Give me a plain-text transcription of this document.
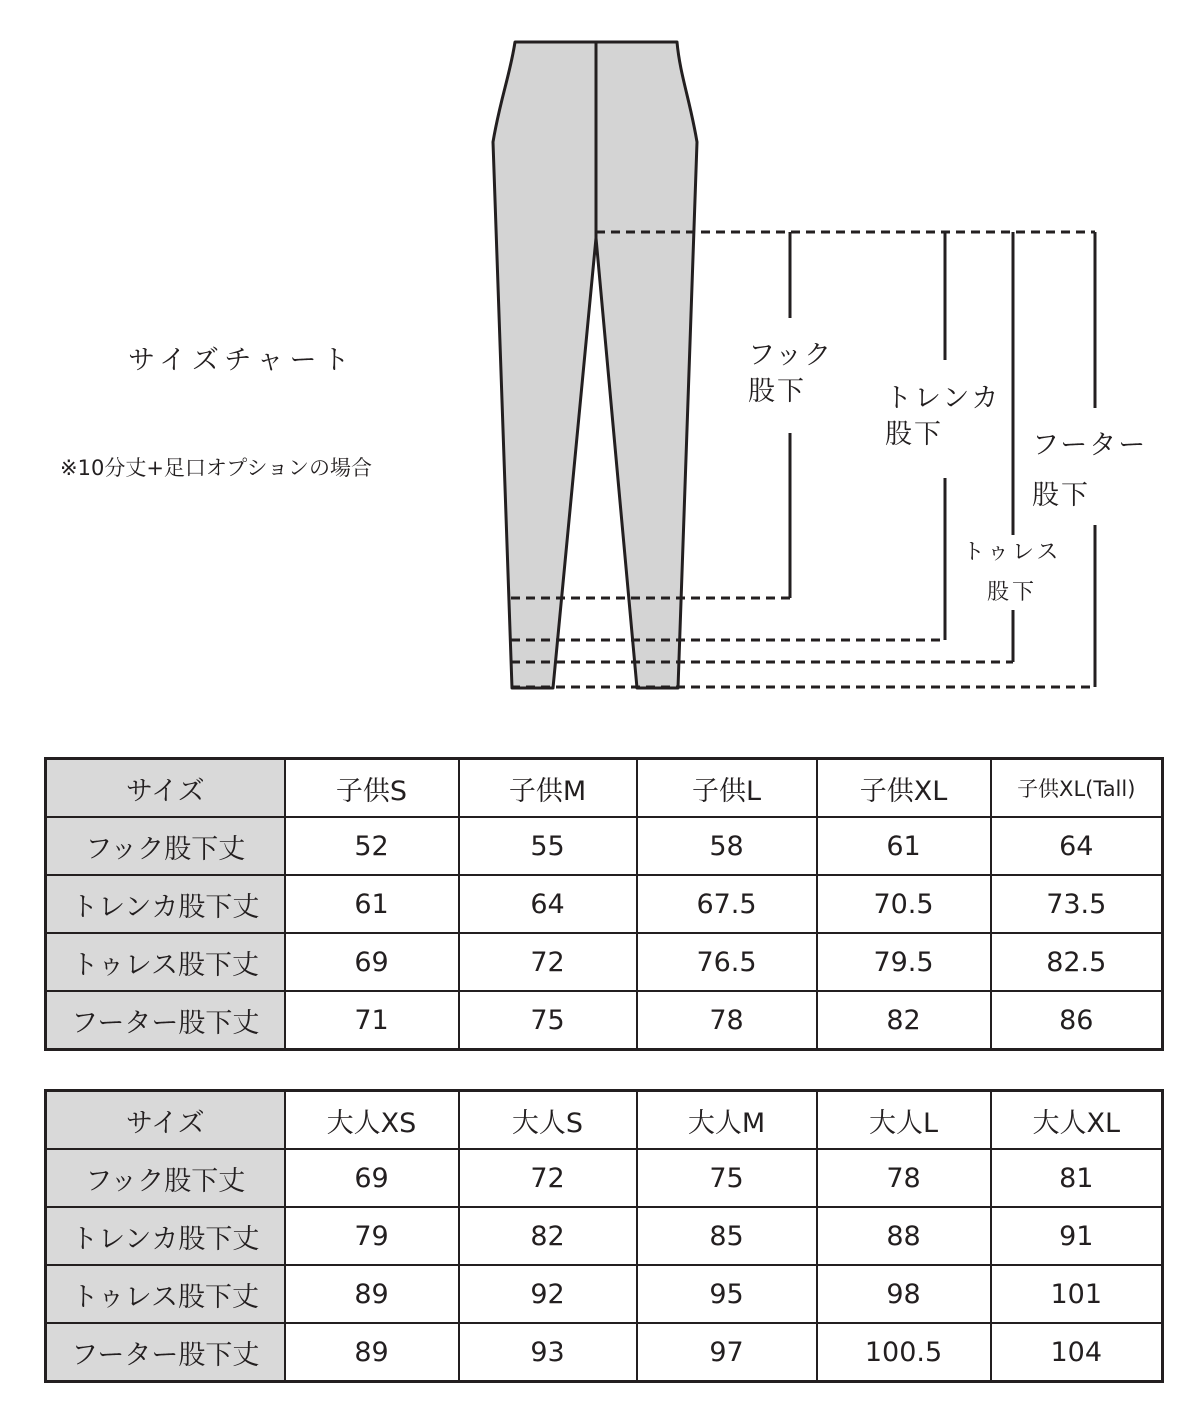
サイズチャート
※10分丈+足口オプションの場合
フック
股下	トレンカ
股下	フーター
股下
トゥレス
股下
サイズ	子供S	子供M	子供L	子供XL	子供XL(Tall)
フック股下丈	52	55	58	61	64
トレンカ股下丈	61	64	67.5	70.5	73.5
トゥレス股下丈	69	72	76.5	79.5	82.5
フーター股下丈	71	75	78	82	86
サイズ	大人XS	大人S	大人M	大人L	大人XL
フック股下丈	69	72	75	78	81
トレンカ股下丈	79	82	85	88	91
トゥレス股下丈	89	92	95	98	101
フーター股下丈	89	93	97	100.5	104
